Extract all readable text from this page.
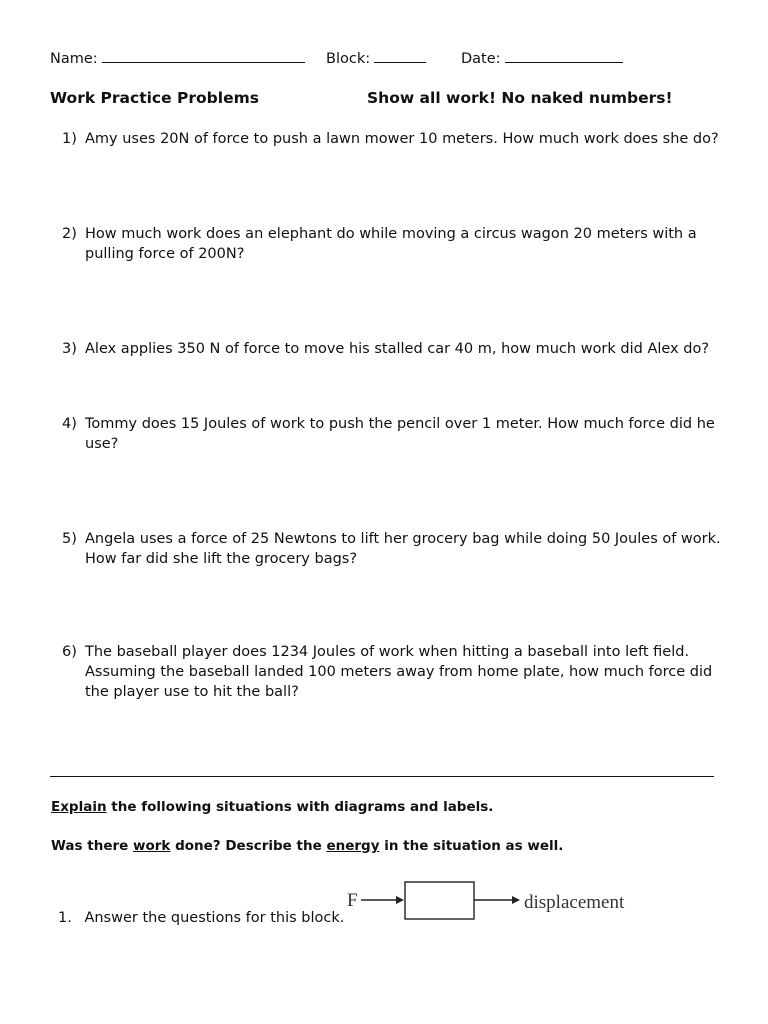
Name:	Block:	Date:
Work Practice Problems	Show all work! No naked numbers!
1) Amy uses 20N of force to push a lawn mower 10 meters. How much work does she do?
2) How much work does an elephant do while moving a circus wagon 20 meters with a pulling force of 200N?
3) Alex applies 350 N of force to move his stalled car 40 m, how much work did Alex do?
4) Tommy does 15 Joules of work to push the pencil over 1 meter. How much force did he use?
5) Angela uses a force of 25 Newtons to lift her grocery bag while doing 50 Joules of work. How far did she lift the grocery bags?
6) The baseball player does 1234 Joules of work when hitting a baseball into left field. Assuming the baseball landed 100 meters away from home plate, how much force did the player use to hit the ball?
Explain the following situations with diagrams and labels.
Was there work done? Describe the energy in the situation as well.
1. Answer the questions for this block.
F	displacement
